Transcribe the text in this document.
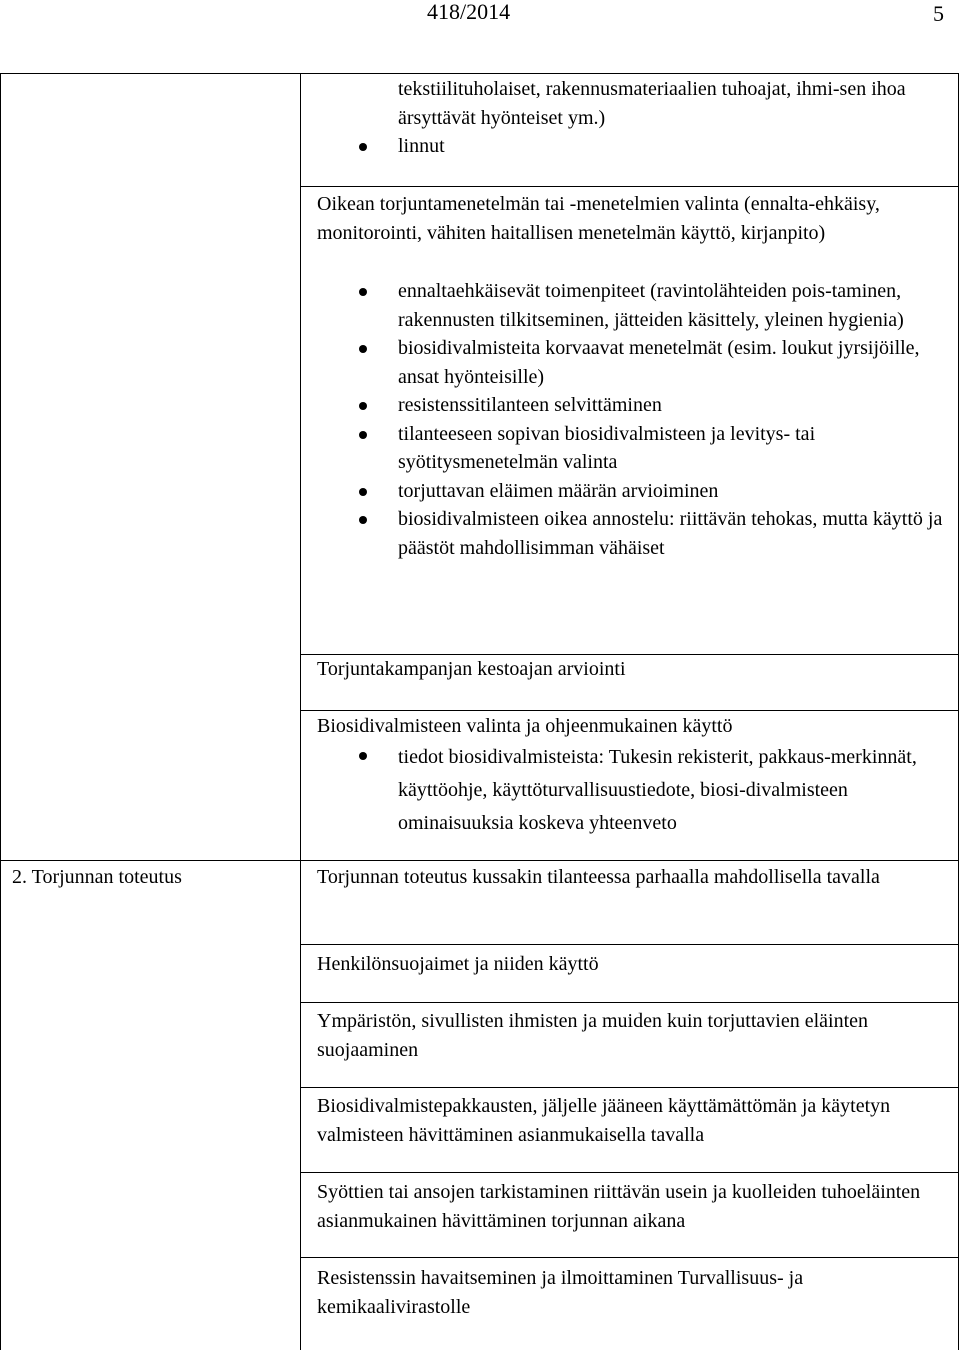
418/2014	5
tekstiilituholaiset, rakennusmateriaalien tuhoajat, ihmi-sen ihoa ärsyttävät hyönteiset ym.)
linnut

Oikean torjuntamenetelmän tai -menetelmien valinta (ennalta-ehkäisy, monitorointi, vähiten haitallisen menetelmän käyttö, kirjanpito)

ennaltaehkäisevät toimenpiteet (ravintolähteiden pois-taminen, rakennusten tilkitseminen, jätteiden käsittely, yleinen hygienia)
biosidivalmisteita korvaavat menetelmät (esim. loukut jyrsijöille, ansat hyönteisille)
resistenssitilanteen selvittäminen
tilanteeseen sopivan biosidivalmisteen ja levitys- tai syötitysmenetelmän valinta
torjuttavan eläimen määrän arvioiminen
biosidivalmisteen oikea annostelu: riittävän tehokas, mutta käyttö ja päästöt mahdollisimman vähäiset

Torjuntakampanjan kestoajan arviointi

Biosidivalmisteen valinta ja ohjeenmukainen käyttö

tiedot biosidivalmisteista: Tukesin rekisterit, pakkaus-merkinnät, käyttöohje, käyttöturvallisuustiedote, biosi-divalmisteen ominaisuuksia koskeva yhteenveto
2. Torjunnan toteutus	Torjunnan toteutus kussakin tilanteessa parhaalla mahdollisella tavalla

Henkilönsuojaimet ja niiden käyttö

Ympäristön, sivullisten ihmisten ja muiden kuin torjuttavien eläinten suojaaminen

Biosidivalmistepakkausten, jäljelle jääneen käyttämättömän ja käytetyn valmisteen hävittäminen asianmukaisella tavalla

Syöttien tai ansojen tarkistaminen riittävän usein ja kuolleiden tuhoeläinten asianmukainen hävittäminen torjunnan aikana

Resistenssin havaitseminen ja ilmoittaminen Turvallisuus- ja kemikaalivirastolle
